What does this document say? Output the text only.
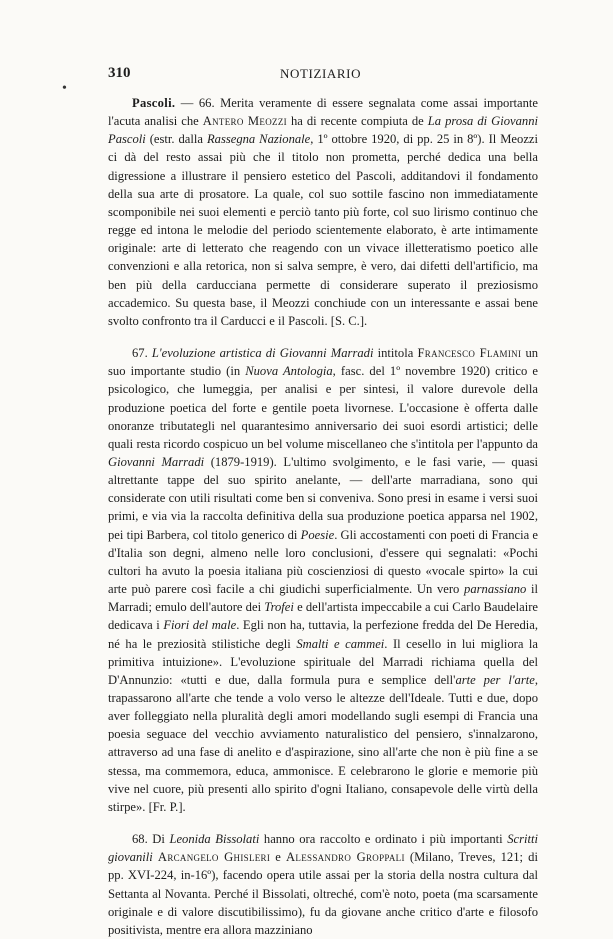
•
310	NOTIZIARIO

Pascoli. — 66. Merita veramente di essere segnalata come assai importante l'acuta analisi che Antero Meozzi ha di recente compiuta de La prosa di Giovanni Pascoli (estr. dalla Rassegna Nazionale, 1º ottobre 1920, di pp. 25 in 8º). Il Meozzi ci dà del resto assai più che il titolo non prometta, perché dedica una bella digressione a illustrare il pensiero estetico del Pascoli, additandovi il fondamento della sua arte di prosatore. La quale, col suo sottile fascino non immediatamente scomponibile nei suoi elementi e perciò tanto più forte, col suo lirismo continuo che regge ed intona le melodie del periodo scientemente elaborato, è arte intimamente originale: arte di letterato che reagendo con un vivace illetteratismo poetico alle convenzioni e alla retorica, non si salva sempre, è vero, dai difetti dell'artificio, ma ben più della carducciana permette di considerare superato il preziosismo accademico. Su questa base, il Meozzi conchiude con un interessante e assai bene svolto confronto tra il Carducci e il Pascoli. [S. C.].

67. L'evoluzione artistica di Giovanni Marradi intitola Francesco Flamini un suo importante studio (in Nuova Antologia, fasc. del 1º novembre 1920) critico e psicologico, che lumeggia, per analisi e per sintesi, il valore durevole della produzione poetica del forte e gentile poeta livornese. L'occasione è offerta dalle onoranze tributategli nel quarantesimo anniversario dei suoi esordi artistici; delle quali resta ricordo cospicuo un bel volume miscellaneo che s'intitola per l'appunto da Giovanni Marradi (1879-1919). L'ultimo svolgimento, e le fasi varie, — quasi altrettante tappe del suo spirito anelante, — dell'arte marradiana, sono qui considerate con utili risultati come ben si conveniva. Sono presi in esame i versi suoi primi, e via via la raccolta definitiva della sua produzione poetica apparsa nel 1902, pei tipi Barbera, col titolo generico di Poesie. Gli accostamenti con poeti di Francia e d'Italia son degni, almeno nelle loro conclusioni, d'essere qui segnalati: «Pochi cultori ha avuto la poesia italiana più coscienziosi di questo «vocale spirto» la cui arte può parere così facile a chi giudichi superficialmente. Un vero parnassiano il Marradi; emulo dell'autore dei Trofei e dell'artista impeccabile a cui Carlo Baudelaire dedicava i Fiori del male. Egli non ha, tuttavia, la perfezione fredda del De Heredia, né ha le preziosità stilistiche degli Smalti e cammei. Il cesello in lui migliora la primitiva intuizione». L'evoluzione spirituale del Marradi richiama quella del D'Annunzio: «tutti e due, dalla formula pura e semplice dell'arte per l'arte, trapassarono all'arte che tende a volo verso le altezze dell'Ideale. Tutti e due, dopo aver folleggiato nella pluralità degli amori modellando sugli esempi di Francia una poesia seguace del vecchio avviamento naturalistico del pensiero, s'innalzarono, attraverso ad una fase di anelito e d'aspirazione, sino all'arte che non è più fine a se stessa, ma commemora, educa, ammonisce. E celebrarono le glorie e memorie più vive nel cuore, più presenti allo spirito d'ogni Italiano, consapevole delle virtù della stirpe». [Fr. P.].

68. Di Leonida Bissolati hanno ora raccolto e ordinato i più importanti Scritti giovanili Arcangelo Ghisleri e Alessandro Groppali (Milano, Treves, 121; di pp. XVI-224, in-16º), facendo opera utile assai per la storia della nostra cultura dal Settanta al Novanta. Perché il Bissolati, oltreché, com'è noto, poeta (ma scarsamente originale e di valore discutibilissimo), fu da giovane anche critico d'arte e filosofo positivista, mentre era allora mazziniano
